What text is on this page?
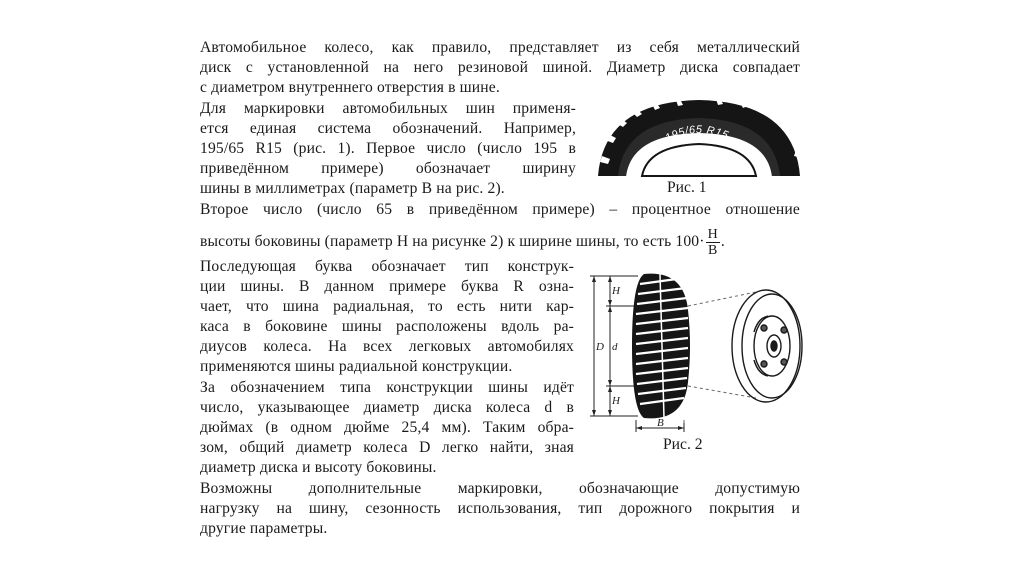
Автомобильное колесо, как правило, представляет из себя металлический
диск с установленной на него резиновой шиной. Диаметр диска совпадает
с диаметром внутреннего отверстия в шине.
Для маркировки автомобильных шин применя-
ется единая система обозначений. Например,
195/65 R15 (рис. 1). Первое число (число 195 в
приведённом примере) обозначает ширину
шины в миллиметрах (параметр B на рис. 2).
Второе число (число 65 в приведённом примере) – процентное отношение
высоты боковины (параметр H на рисунке 2) к ширине шины, то есть $100\cdot \frac{H}{B}$ .
Последующая буква обозначает тип конструк-
ции шины. В данном примере буква R озна-
чает, что шина радиальная, то есть нити кар-
каса в боковине шины расположены вдоль ра-
диусов колеса. На всех легковых автомобилях
применяются шины радиальной конструкции.
За обозначением типа конструкции шины идёт
число, указывающее диаметр диска колеса d в
дюймах (в одном дюйме 25,4 мм). Таким обра-
зом, общий диаметр колеса D легко найти, зная
диаметр диска и высоту боковины.
Возможны дополнительные маркировки, обозначающие допустимую
нагрузку на шину, сезонность использования, тип дорожного покрытия и
другие параметры.
195/65 R15
Рис. 1
H
d
D
H
B
Рис. 2
